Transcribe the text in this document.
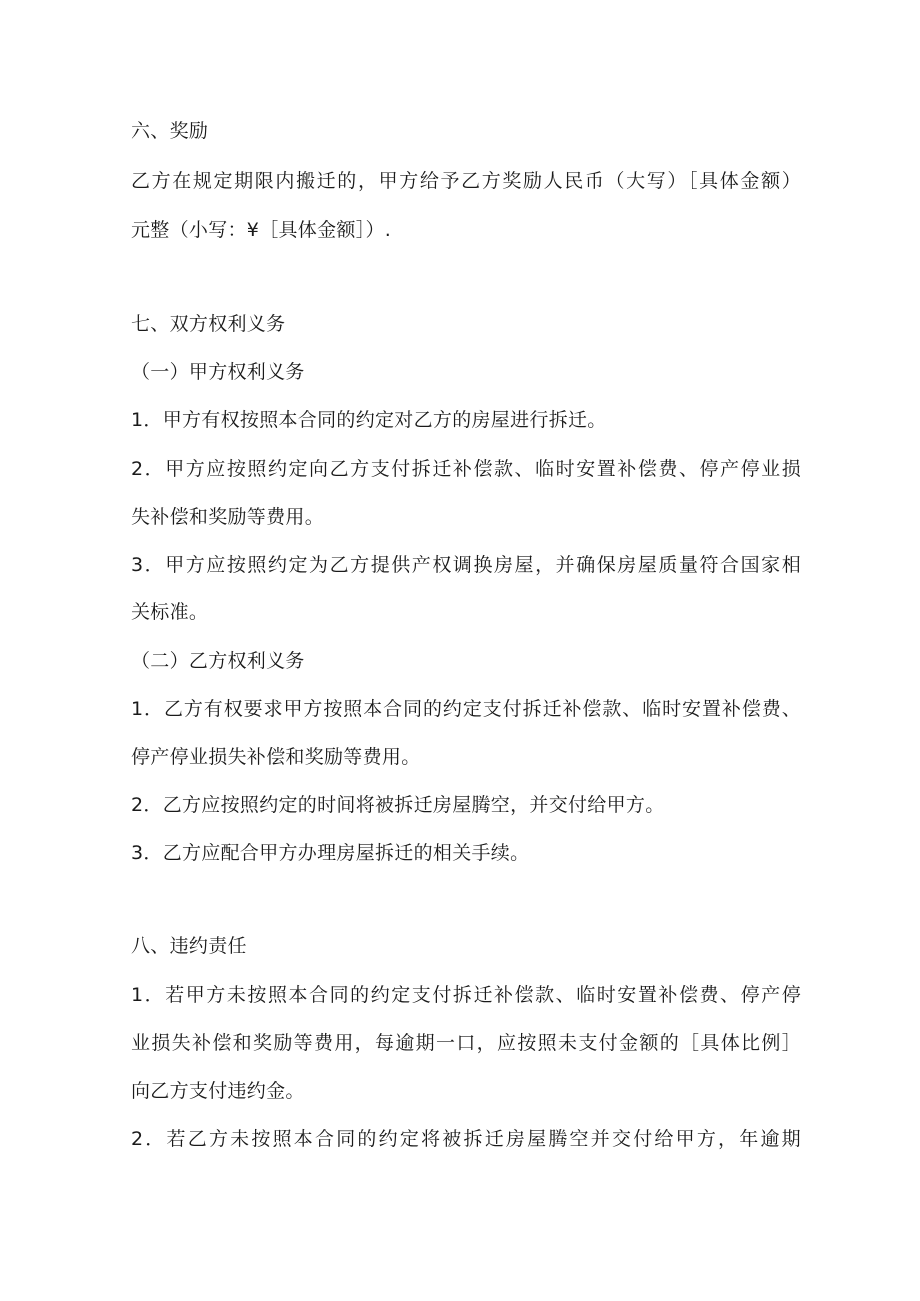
六、奖励
乙方在规定期限内搬迁的，甲方给予乙方奖励人民币（大写）［具体金额）
元整（小写：¥［具体金额］）.
七、双方权利义务
（一）甲方权利义务
1．甲方有权按照本合同的约定对乙方的房屋进行拆迁。
2．甲方应按照约定向乙方支付拆迁补偿款、临时安置补偿费、停产停业损
失补偿和奖励等费用。
3．甲方应按照约定为乙方提供产权调换房屋，并确保房屋质量符合国家相
关标准。
（二）乙方权利义务
1．乙方有权要求甲方按照本合同的约定支付拆迁补偿款、临时安置补偿费、
停产停业损失补偿和奖励等费用。
2．乙方应按照约定的时间将被拆迁房屋腾空，并交付给甲方。
3．乙方应配合甲方办理房屋拆迁的相关手续。
八、违约责任
1．若甲方未按照本合同的约定支付拆迁补偿款、临时安置补偿费、停产停
业损失补偿和奖励等费用，每逾期一口，应按照未支付金额的［具体比例］
向乙方支付违约金。
2．若乙方未按照本合同的约定将被拆迁房屋腾空并交付给甲方，年逾期
